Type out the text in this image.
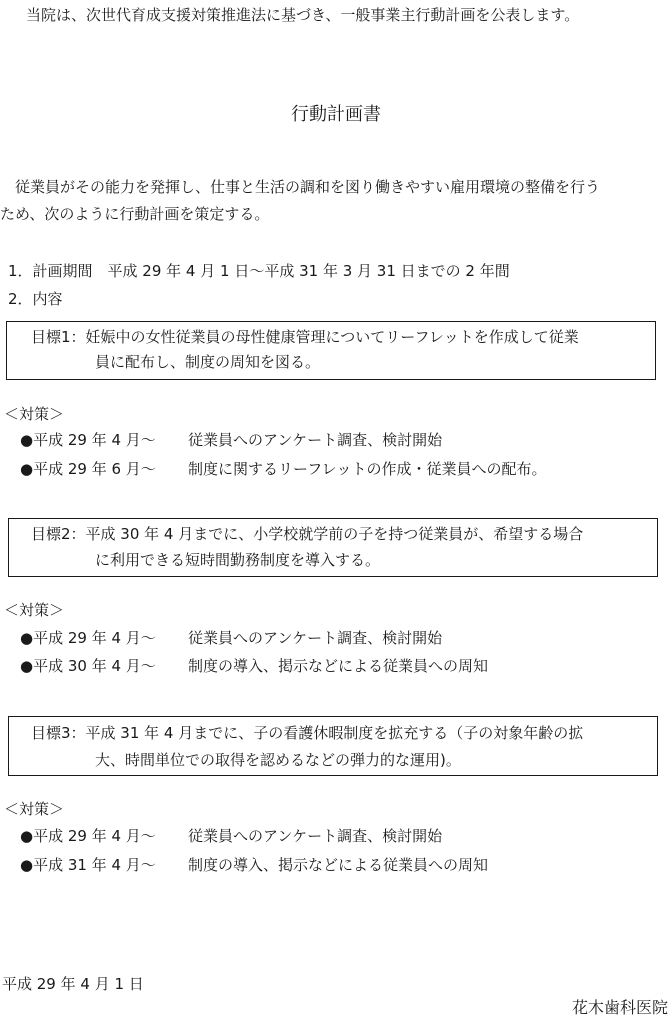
当院は、次世代育成支援対策推進法に基づき、一般事業主行動計画を公表します。
行動計画書
　従業員がその能力を発揮し、仕事と生活の調和を図り働きやすい雇用環境の整備を行う
ため、次のように行動計画を策定する。
1．計画期間　平成 29 年 4 月 1 日～平成 31 年 3 月 31 日までの 2 年間
2．内容
目標1：妊娠中の女性従業員の母性健康管理についてリーフレットを作成して従業
員に配布し、制度の周知を図る。
＜対策＞
●平成 29 年 4 月～ 従業員へのアンケート調査、検討開始
●平成 29 年 6 月～ 制度に関するリーフレットの作成・従業員への配布。
目標2：平成 30 年 4 月までに、小学校就学前の子を持つ従業員が、希望する場合
に利用できる短時間勤務制度を導入する。
＜対策＞
●平成 29 年 4 月～ 従業員へのアンケート調査、検討開始
●平成 30 年 4 月～ 制度の導入、掲示などによる従業員への周知
目標3：平成 31 年 4 月までに、子の看護休暇制度を拡充する（子の対象年齢の拡
大、時間単位での取得を認めるなどの弾力的な運用)。
＜対策＞
●平成 29 年 4 月～ 従業員へのアンケート調査、検討開始
●平成 31 年 4 月～ 制度の導入、掲示などによる従業員への周知
平成 29 年 4 月 1 日
花木歯科医院
